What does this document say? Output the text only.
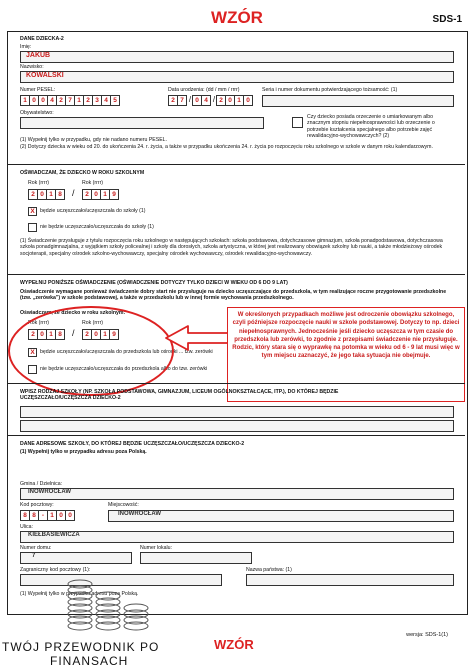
WZÓR	SDS-1
DANE DZIECKA-2
Imię:
JAKUB
Nazwisko:
KOWALSKI
Numer PESEL:
1 0 0 4 2 7 1 2 3 4 5
Data urodzenia: (dd / mm / rrrr)
2 7 / 0 4 / 2 0 1 0
Seria i numer dokumentu potwierdzającego tożsamość: (1)
Obywatelstwo:
Czy dziecko posiada orzeczenie o umiarkowanym albo znacznym stopniu niepełnosprawności lub orzeczenie o potrzebie kształcenia specjalnego albo potrzebie zajęć rewalidacyjno-wychowawczych? (2)
(1) Wypełnij tylko w przypadku, gdy nie nadano numeru PESEL.
(2) Dotyczy dziecka w wieku od 20. do ukończenia 24. r. życia, a także w przypadku ukończenia 24. r. życia po rozpoczęciu roku szkolnego w szkole w danym roku kalendarzowym.
OŚWIADCZAM, ŻE DZIECKO W ROKU SZKOLNYM
Rok (rrrr)	Rok (rrrr)
2 0 1 8	/	2 0 1 9
X	będzie uczęszczało/uczęszczała do szkoły (1)
nie będzie uczęszczało/uczęszczała do szkoły (1)
(1) Świadczenie przysługuje z tytułu rozpoczęcia roku szkolnego w następujących szkołach: szkoła podstawowa, dotychczasowe gimnazjum, szkoła ponadpodstawowa, dotychczasowa szkoła ponadgimnazjalna, z wyjątkiem szkoły policealnej i szkoły dla dorosłych, szkoła artystyczna, w której jest realizowany obowiązek szkolny lub nauki, a także młodzieżowy ośrodek socjoterapii, specjalny ośrodek szkolno-wychowawczy, specjalny ośrodek wychowawczy, ośrodek rewalidacyjno-wychowawczy.
WYPEŁNIJ PONIŻSZE OŚWIADCZENIE (OŚWIADCZENIE DOTYCZY TYLKO DZIECI W WIEKU OD 6 DO 9 LAT)
Oświadczenie wymagane ponieważ świadczenie dobry start nie przysługuje na dziecko uczęszczające do przedszkola, w tym realizujące roczne przygotowanie przedszkolne (tzw. „zerówka”) w szkole podstawowej, a także w przedszkolu lub w innej formie wychowania przedszkolnego.
Oświadczam, że dziecko w roku szkolnym:
Rok (rrrr)	Rok (rrrr)
2 0 1 8	/	2 0 1 9
X	będzie uczęszczało/uczęszczała do przedszkola lub ośrodki ... tzw. zerówki
nie będzie uczęszczało/uczęszczała do przedszkola albo do tzw. zerówki
W określonych przypadkach możliwe jest odroczenie obowiązku szkolnego, czyli późniejsze rozpoczęcie nauki w szkole podstawowej. Dotyczy to np. dzieci niepełnosprawnych. Jednocześnie jeśli dziecko uczęszcza w tym czasie do przedszkola lub zerówki, to zgodnie z przepisami świadczenie nie przysługuje. Rodzic, który stara się o wyprawkę na potomka w wieku od 6 - 9 lat musi więc w tym miejscu zaznaczyć, że jego taka sytuacja nie obejmuje.
WPISZ RODZAJ SZKOŁY (NP. SZKOŁA PODSTAWOWA, GIMNAZJUM, LICEUM OGÓLNOKSZTAŁCĄCE, ITP.), DO KTÓREJ BĘDZIE UCZĘSZCZAŁO/UCZĘSZCZA DZIECKO-2
DANE ADRESOWE SZKOŁY, DO KTÓREJ BĘDZIE UCZĘSZCZAŁO/UCZĘSZCZA DZIECKO-2
(1) Wypełnij tylko w przypadku adresu poza Polską.
Gmina / Dzielnica:
INOWROCŁAW
Kod pocztowy:
8 8 - 1 0 0
Miejscowość:
INOWROCŁAW
Ulica:
KIEŁBASIEWICZA
Numer domu:
7
Numer lokalu:
Zagraniczny kod pocztowy (1):	Nazwa państwa: (1)
(1) Wypełnij tylko w przypadku adresu poza Polską.
TWÓJ PRZEWODNIK PO
FINANSACH
WZÓR
wersja: SDS-1(1)
